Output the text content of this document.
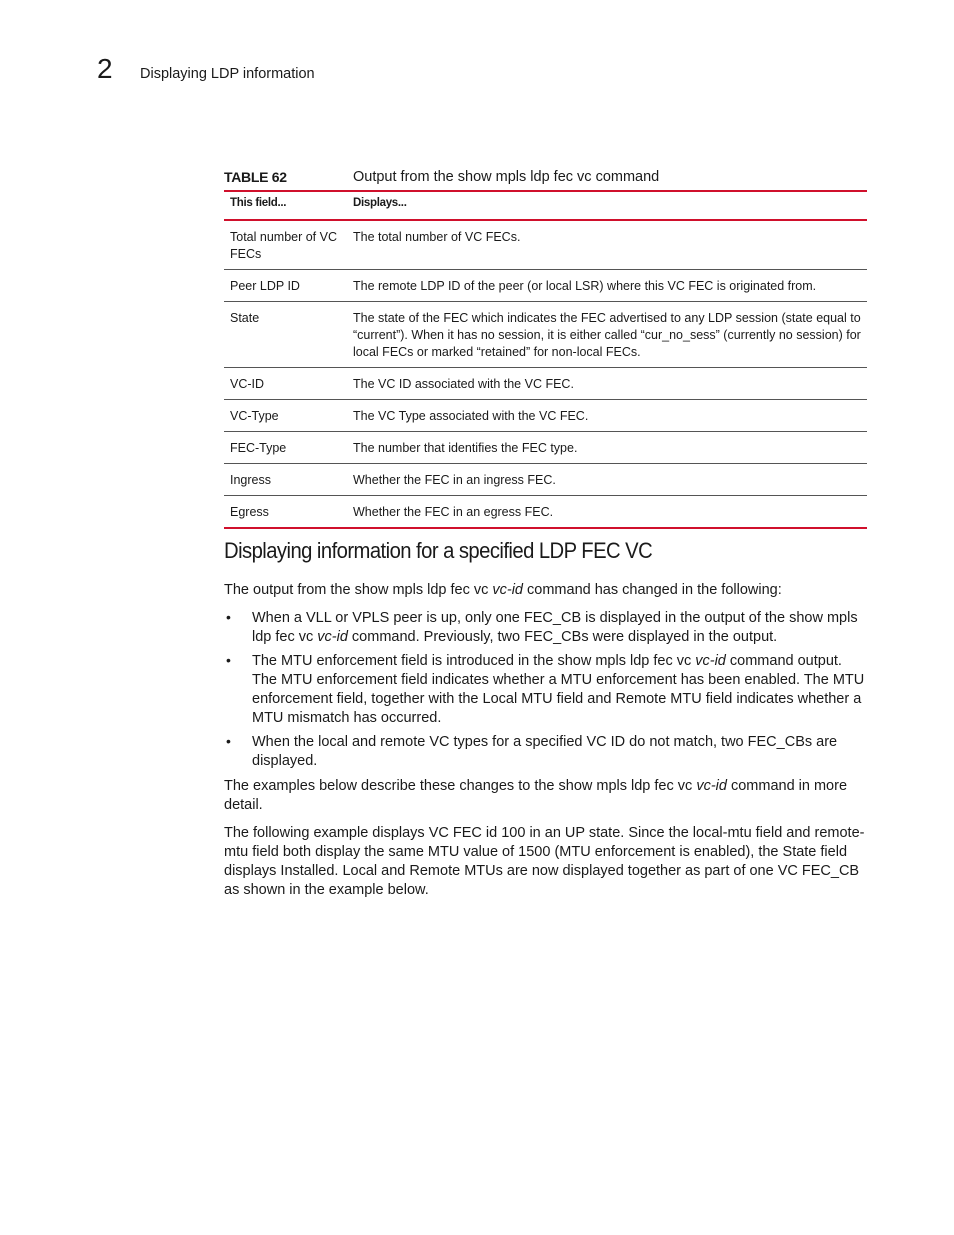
2 Displaying LDP information
TABLE 62	Output from the show mpls ldp fec vc command
This field...	Displays...
Total number of VC FECs	The total number of VC FECs.
Peer LDP ID	The remote LDP ID of the peer (or local LSR) where this VC FEC is originated from.
State	The state of the FEC which indicates the FEC advertised to any LDP session (state equal to “current”). When it has no session, it is either called “cur_no_sess” (currently no session) for local FECs or marked “retained” for non-local FECs.
VC-ID	The VC ID associated with the VC FEC.
VC-Type	The VC Type associated with the VC FEC.
FEC-Type	The number that identifies the FEC type.
Ingress	Whether the FEC in an ingress FEC.
Egress	Whether the FEC in an egress FEC.
Displaying information for a specified LDP FEC VC

The output from the show mpls ldp fec vc vc-id command has changed in the following:

• When a VLL or VPLS peer is up, only one FEC_CB is displayed in the output of the show mpls ldp fec vc vc-id command. Previously, two FEC_CBs were displayed in the output.
• The MTU enforcement field is introduced in the show mpls ldp fec vc vc-id command output. The MTU enforcement field indicates whether a MTU enforcement has been enabled. The MTU enforcement field, together with the Local MTU field and Remote MTU field indicates whether a MTU mismatch has occurred.
• When the local and remote VC types for a specified VC ID do not match, two FEC_CBs are displayed.

The examples below describe these changes to the show mpls ldp fec vc vc-id command in more detail.

The following example displays VC FEC id 100 in an UP state. Since the local-mtu field and remote-mtu field both display the same MTU value of 1500 (MTU enforcement is enabled), the State field displays Installed. Local and Remote MTUs are now displayed together as part of one VC FEC_CB as shown in the example below.
